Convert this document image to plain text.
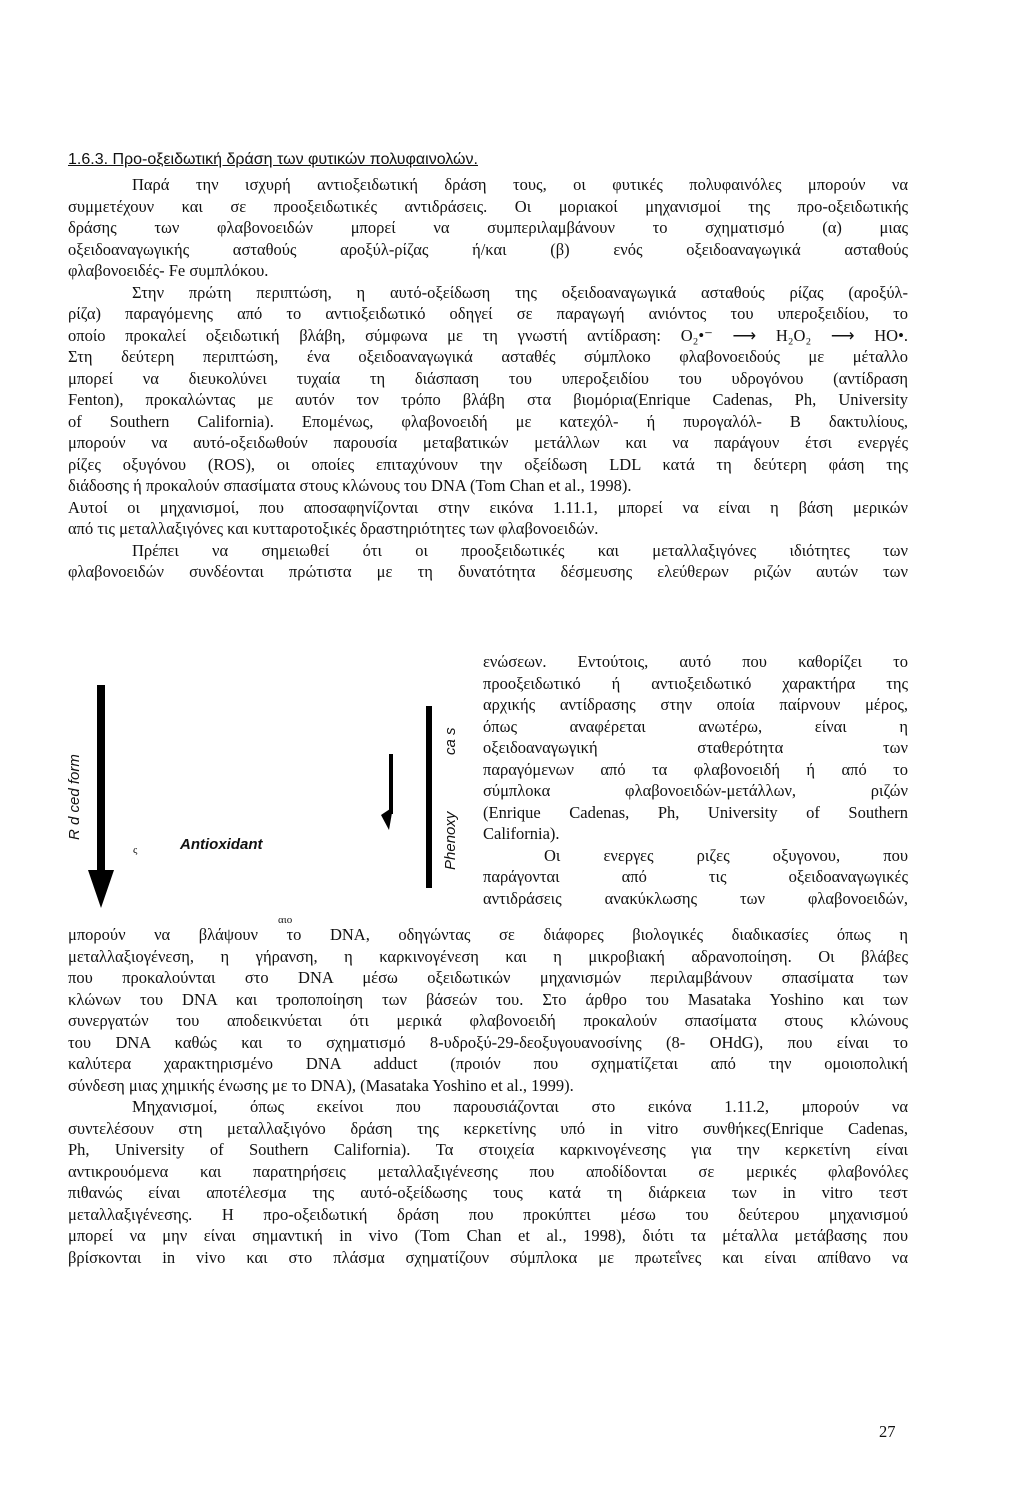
1.6.3. Προ-οξειδωτική δράση των φυτικών πολυφαινολών.
Παρά την ισχυρή αντιοξειδωτική δράση τους, οι φυτικές πολυφαινόλες μπορούν να
συμμετέχουν και σε προοξειδωτικές αντιδράσεις. Οι μοριακοί μηχανισμοί της προ-οξειδωτικής
δράσης των φλαβονοειδών μπορεί να συμπεριλαμβάνουν το σχηματισμό (α) μιας
οξειδοαναγωγικής ασταθούς αροξύλ-ρίζας ή/και (β) ενός οξειδοαναγωγικά ασταθούς
φλαβονοειδές- Fe συμπλόκου.
Στην πρώτη περιπτώση, η αυτό-οξείδωση της οξειδοαναγωγικά ασταθούς ρίζας (αροξύλ-
ρίζα) παραγόμενης από το αντιοξειδωτικό οδηγεί σε παραγωγή ανιόντος του υπεροξειδίου, το
οποίο προκαλεί οξειδωτική βλάβη, σύμφωνα με τη γνωστή αντίδραση: O₂•⁻ ⟶ H₂O₂ ⟶ HO•.
Στη δεύτερη περιπτώση, ένα οξειδοαναγωγικά ασταθές σύμπλοκο φλαβονοειδούς με μέταλλο
μπορεί να διευκολύνει τυχαία τη διάσπαση του υπεροξειδίου του υδρογόνου (αντίδραση
Fenton), προκαλώντας με αυτόν τον τρόπο βλάβη στα βιομόρια(Enrique Cadenas, Ph, University
of Southern California). Επομένως, φλαβονοειδή με κατεχόλ- ή πυρογαλόλ- B δακτυλίους,
μπορούν να αυτό-οξειδωθούν παρουσία μεταβατικών μετάλλων και να παράγουν έτσι ενεργές
ρίζες οξυγόνου (ROS), οι οποίες επιταχύνουν την οξείδωση LDL κατά τη δεύτερη φάση της
διάδοσης ή προκαλούν σπασίματα στους κλώνους του DNA (Tom Chan et al., 1998).
Αυτοί οι μηχανισμοί, που αποσαφηνίζονται στην εικόνα 1.11.1, μπορεί να είναι η βάση μερικών
από τις μεταλλαξιγόνες και κυτταροτοξικές δραστηριότητες των φλαβονοειδών.
Πρέπει να σημειωθεί ότι οι προοξειδωτικές και μεταλλαξιγόνες ιδιότητες των
φλαβονοειδών συνδέονται πρώτιστα με τη δυνατότητα δέσμευσης ελεύθερων ριζών αυτών των
ενώσεων. Εντούτοις, αυτό που καθορίζει το
προοξειδωτικό ή αντιοξειδωτικό χαρακτήρα της
αρχικής αντίδρασης στην οποία παίρνουν μέρος,
όπως αναφέρεται ανωτέρω, είναι η
οξειδοαναγωγική σταθερότητα των
παραγόμενων από τα φλαβονοειδή ή από το
σύμπλοκα φλαβονοειδών-μετάλλων, ριζών
(Enrique Cadenas, Ph, University of Southern
California).
Οι ενεργες ριζες οξυγονου, που
παράγονται από τις οξειδοαναγωγικές
αντιδράσεις ανακύκλωσης των φλαβονοειδών,
μπορούν να βλάψουν το DNA, οδηγώντας σε διάφορες βιολογικές διαδικασίες όπως η
μεταλλαξιογένεση, η γήρανση, η καρκινογένεση και η μικροβιακή αδρανοποίηση. Οι βλάβες
που προκαλούνται στο DNA μέσω οξειδωτικών μηχανισμών περιλαμβάνουν σπασίματα των
κλώνων του DNA και τροποποίηση των βάσεών του. Στο άρθρο του Masataka Yoshino και των
συνεργατών του αποδεικνύεται ότι μερικά φλαβονοειδή προκαλούν σπασίματα στους κλώνους
του DNA καθώς και το σχηματισμό 8-υδροξύ-29-δεοξυγουανοσίνης (8- OHdG), που είναι το
καλύτερα χαρακτηρισμένο DNA adduct (προιόν που σχηματίζεται από την ομοιοπολική
σύνδεση μιας χημικής ένωσης με το DNA), (Masataka Yoshino et al., 1999).
Μηχανισμοί, όπως εκείνοι που παρουσιάζονται στο εικόνα 1.11.2, μπορούν να
συντελέσουν στη μεταλλαξιγόνο δράση της κερκετίνης υπό in vitro συνθήκες(Enrique Cadenas,
Ph, University of Southern California). Τα στοιχεία καρκινογένεσης για την κερκετίνη είναι
αντικρουόμενα και παρατηρήσεις μεταλλαξιγένεσης που αποδίδονται σε μερικές φλαβονόλες
πιθανώς είναι αποτέλεσμα της αυτό-οξείδωσης τους κατά τη διάρκεια των in vitro τεστ
μεταλλαξιγένεσης. Η προ-οξειδωτική δράση που προκύπτει μέσω του δεύτερου μηχανισμού
μπορεί να μην είναι σημαντική in vivo (Tom Chan et al., 1998), διότι τα μέταλλα μετάβασης που
βρίσκονται in vivo και στο πλάσμα σχηματίζουν σύμπλοκα με πρωτεΐνες και είναι απίθανο να
R d ced form
Antioxidant	Phenoxy
ca s
αιο
ς
27
